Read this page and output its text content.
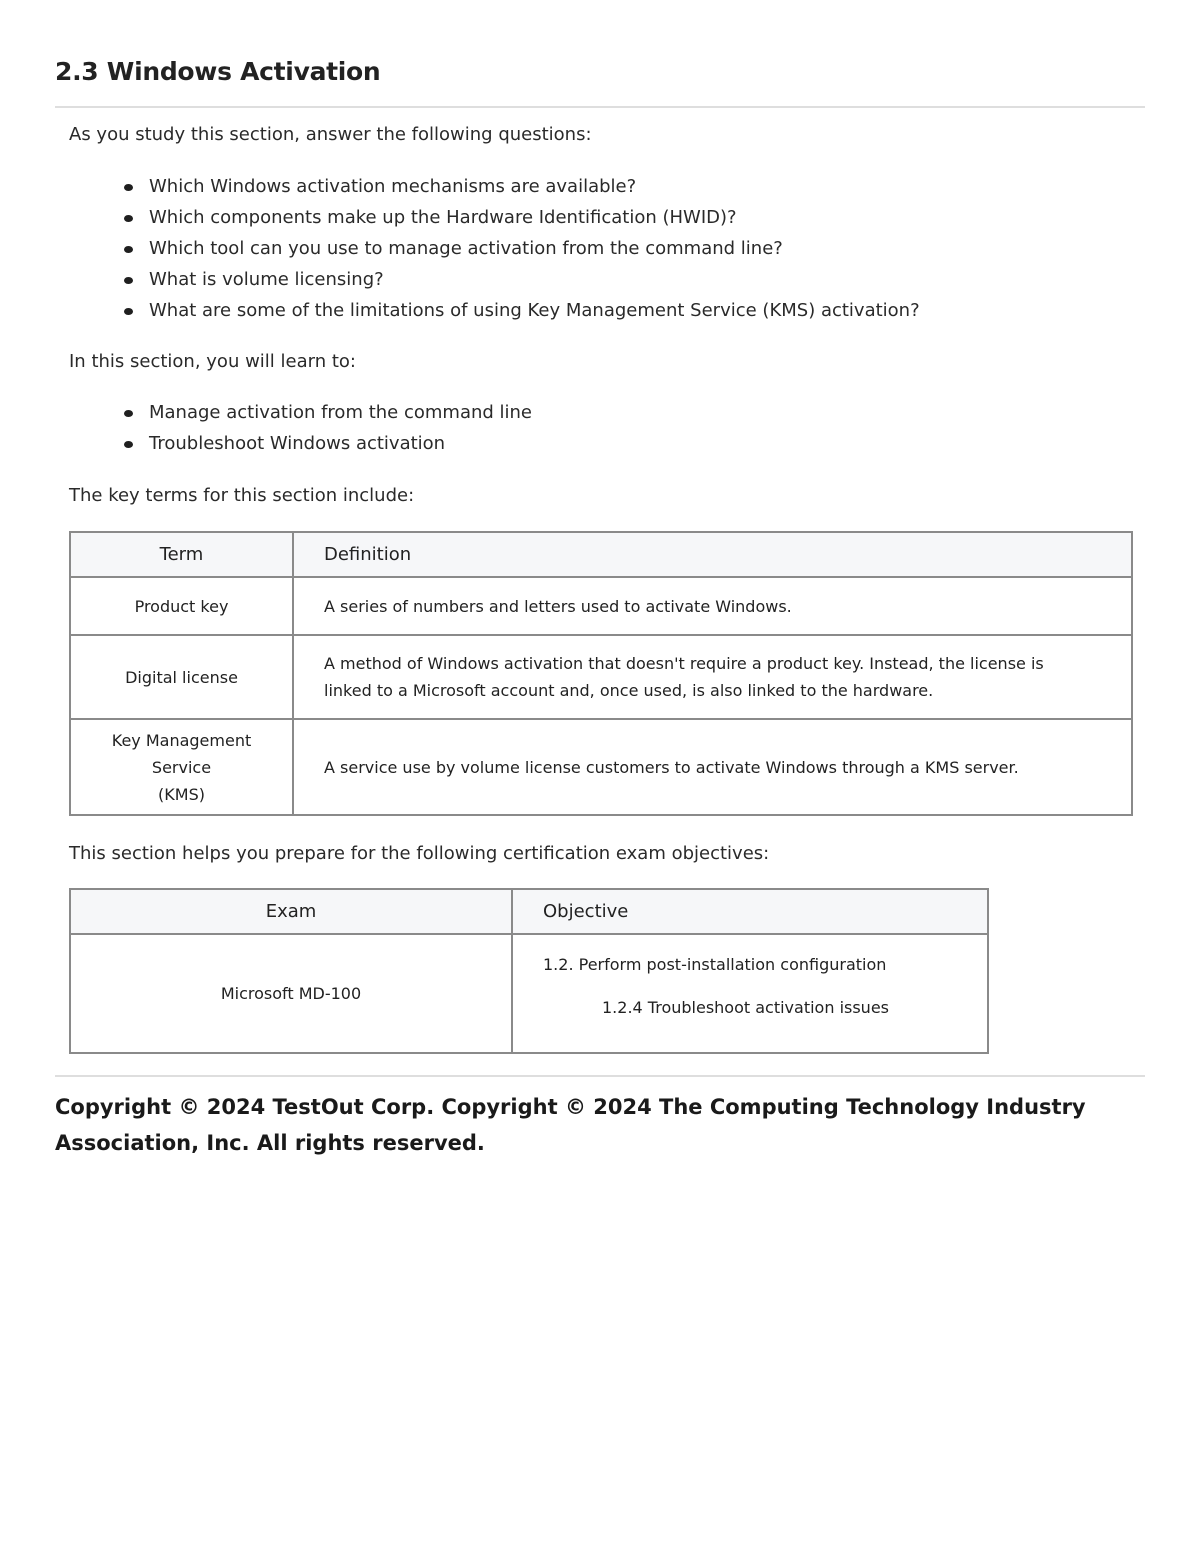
2.3 Windows Activation

As you study this section, answer the following questions:

Which Windows activation mechanisms are available?
Which components make up the Hardware Identification (HWID)?
Which tool can you use to manage activation from the command line?
What is volume licensing?
What are some of the limitations of using Key Management Service (KMS) activation?

In this section, you will learn to:

Manage activation from the command line
Troubleshoot Windows activation

The key terms for this section include:

Term	Definition
Product key	A series of numbers and letters used to activate Windows.
Digital license	A method of Windows activation that doesn't require a product key. Instead, the license is linked to a Microsoft account and, once used, is also linked to the hardware.

Key Management
Service
(KMS)	A service use by volume license customers to activate Windows through a KMS server.

This section helps you prepare for the following certification exam objectives:

Exam	Objective
Microsoft MD-100	1.2. Perform post-installation configuration
1.2.4 Troubleshoot activation issues
Copyright © 2024 TestOut Corp. Copyright © 2024 The Computing Technology Industry
Association, Inc. All rights reserved.
